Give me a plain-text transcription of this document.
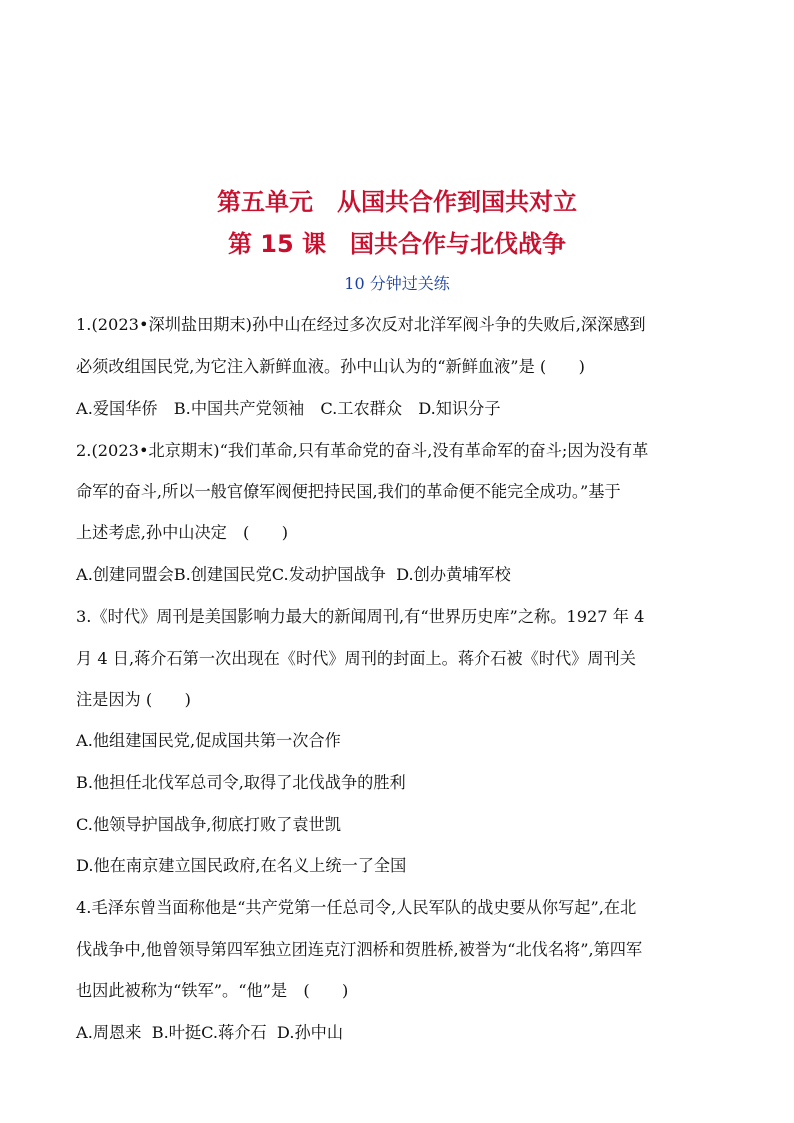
第五单元　从国共合作到国共对立
第 15 课　国共合作与北伐战争
10 分钟过关练
1.(2023•深圳盐田期末)孙中山在经过多次反对北洋军阀斗争的失败后,深深感到
必须改组国民党,为它注入新鲜血液。孙中山认为的“新鲜血液”是 (　　)
A.爱国华侨　B.中国共产党领袖　C.工农群众　D.知识分子
2.(2023•北京期末)“我们革命,只有革命党的奋斗,没有革命军的奋斗;因为没有革
命军的奋斗,所以一般官僚军阀便把持民国,我们的革命便不能完全成功。”基于
上述考虑,孙中山决定　(　　)
A.创建同盟会B.创建国民党C.发动护国战争  D.创办黄埔军校
3.《时代》周刊是美国影响力最大的新闻周刊,有“世界历史库”之称。1927 年 4
月 4 日,蒋介石第一次出现在《时代》周刊的封面上。蒋介石被《时代》周刊关
注是因为 (　　)
A.他组建国民党,促成国共第一次合作
B.他担任北伐军总司令,取得了北伐战争的胜利
C.他领导护国战争,彻底打败了袁世凯
D.他在南京建立国民政府,在名义上统一了全国
4.毛泽东曾当面称他是“共产党第一任总司令,人民军队的战史要从你写起”,在北
伐战争中,他曾领导第四军独立团连克汀泗桥和贺胜桥,被誉为“北伐名将”,第四军
也因此被称为“铁军”。“他”是　(　　)
A.周恩来  B.叶挺C.蒋介石  D.孙中山
